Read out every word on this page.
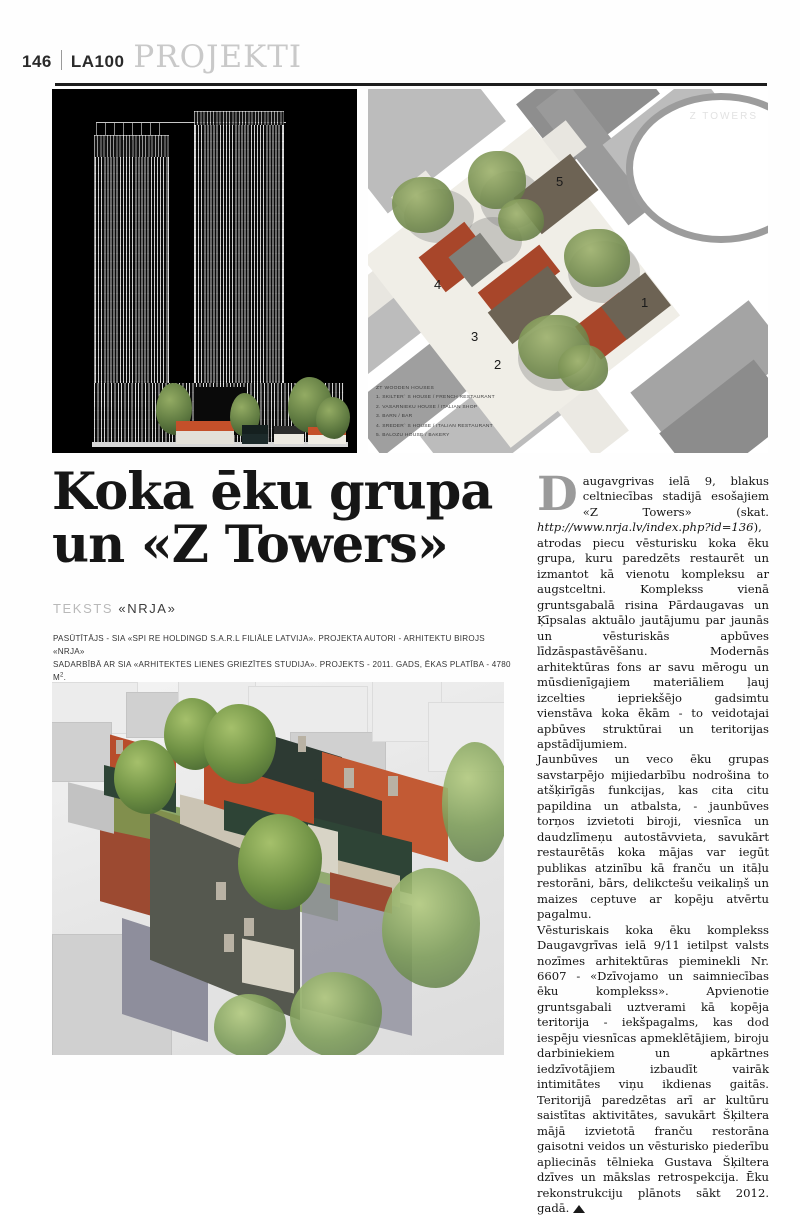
146 LA100 PROJEKTI
5
1
2
3
4
Z TOWERS
ZT WOODEN HOUSES
1. SKILTER` S HOUSE / FRENCH RESTAURANT
2. VASARNIEKU HOUSE / ITALIAN SHOP
3. BARN / BAR
4. SREDER` S HOUSE / ITALIAN RESTAURANT
5. BALOZU HOUSE / BAKERY
Koka ēku grupa
un «Z Towers»
TEKSTS «NRJA»
PASŪTĪTĀJS - SIA «SPI RE HOLDINGD S.A.R.L FILIĀLE LATVIJA». PROJEKTA AUTORI - ARHITEKTU BIROJS «NRJA»
SADARBĪBĀ AR SIA «ARHITEKTES LIENES GRIEZĪTES STUDIJA». PROJEKTS - 2011. GADS, ĒKAS PLATĪBA - 4780 $M^2$.

Daugavgrivas ielā 9, blakus celtniecības stadijā esošajiem «Z Towers» (skat. http://www.nrja.lv/index.php?id=136), atrodas piecu vēsturisku koka ēku grupa, kuru paredzēts restaurēt un izmantot kā vienotu kompleksu ar augstceltni. Komplekss vienā gruntsgabalā risina Pārdaugavas un Ķīpsalas aktuālo jautājumu par jaunās un vēsturiskās apbūves līdzāspastāvēšanu. Modernās arhitektūras fons ar savu mērogu un mūsdienīgajiem materiāliem ļauj izcelties iepriekšējo gadsimtu vienstāva koka ēkām - to veidotajai apbūves struktūrai un teritorijas apstādījumiem.

Jaunbūves un veco ēku grupas savstarpējo mijiedarbību nodrošina to atšķirīgās funkcijas, kas cita citu papildina un atbalsta, - jaunbūves torņos izvietoti biroji, viesnīca un daudzlīmeņu autostāvvieta, savukārt restaurētās koka mājas var iegūt publikas atzinību kā franču un itāļu restorāni, bārs, delikctešu veikaliņš un maizes ceptuve ar kopēju atvērtu pagalmu.

Vēsturiskais koka ēku komplekss Daugavgrīvas ielā 9/11 ietilpst valsts nozīmes arhitektūras pieminekli Nr. 6607 - «Dzīvojamo un saimniecības ēku komplekss». Apvienotie gruntsgabali uztverami kā kopēja teritorija - iekšpagalms, kas dod iespēju viesnīcas apmeklētājiem, biroju darbiniekiem un apkārtnes iedzīvotājiem izbaudīt vairāk intimitātes viņu ikdienas gaitās. Teritorijā paredzētas arī ar kultūru saistītas aktivitātes, savukārt Šķiltera mājā izvietotā franču restorāna gaisotni veidos un vēsturisko piederību apliecinās tēlnieka Gustava Šķiltera dzīves un mākslas retrospekcija. Ēku rekonstrukciju plānots sākt 2012. gadā.
